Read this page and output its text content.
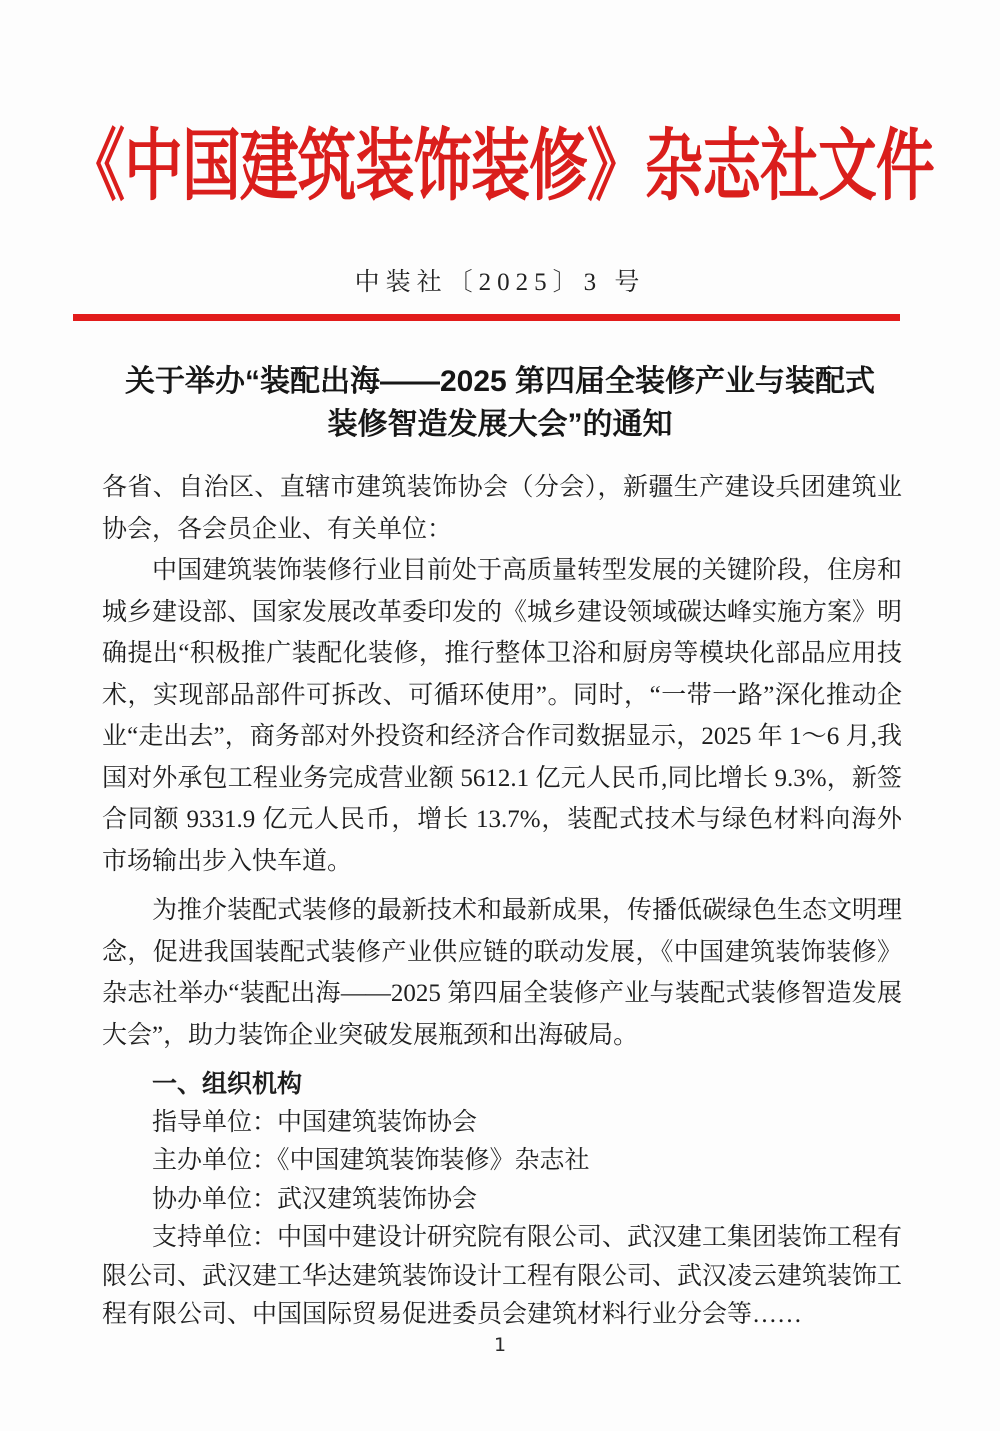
《中国建筑装饰装修》杂志社文件
中装社〔2025〕3 号
关于举办“装配出海——2025 第四届全装修产业与装配式
装修智造发展大会”的通知

各省、自治区、直辖市建筑装饰协会（分会），新疆生产建设兵团建筑业协会，各会员企业、有关单位：

中国建筑装饰装修行业目前处于高质量转型发展的关键阶段，住房和城乡建设部、国家发展改革委印发的《城乡建设领域碳达峰实施方案》明确提出“积极推广装配化装修，推行整体卫浴和厨房等模块化部品应用技术，实现部品部件可拆改、可循环使用”。同时，“一带一路”深化推动企业“走出去”，商务部对外投资和经济合作司数据显示，2025 年 1～6 月,我国对外承包工程业务完成营业额 5612.1 亿元人民币,同比增长 9.3%，新签合同额 9331.9 亿元人民币，增长 13.7%，装配式技术与绿色材料向海外市场输出步入快车道。

为推介装配式装修的最新技术和最新成果，传播低碳绿色生态文明理念，促进我国装配式装修产业供应链的联动发展，《中国建筑装饰装修》杂志社举办“装配出海——2025 第四届全装修产业与装配式装修智造发展大会”，助力装饰企业突破发展瓶颈和出海破局。

一、组织机构

指导单位：中国建筑装饰协会

主办单位：《中国建筑装饰装修》杂志社

协办单位：武汉建筑装饰协会

支持单位：中国中建设计研究院有限公司、武汉建工集团装饰工程有限公司、武汉建工华达建筑装饰设计工程有限公司、武汉凌云建筑装饰工程有限公司、中国国际贸易促进委员会建筑材料行业分会等……

1
